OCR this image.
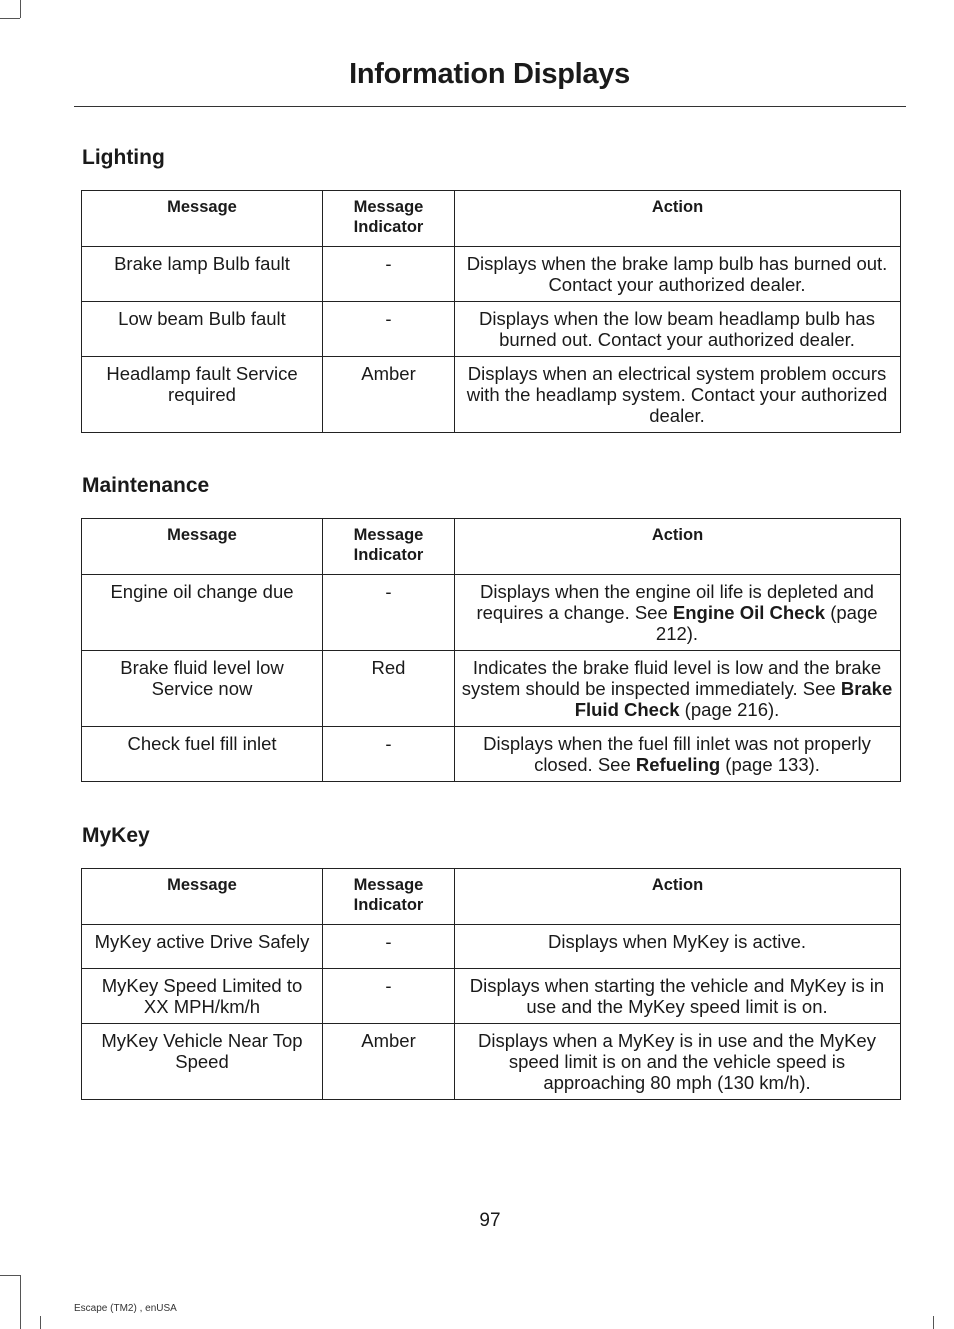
Information Displays
Lighting
Message	Message Indicator	Action
Brake lamp Bulb fault	-	Displays when the brake lamp bulb has burned out. Contact your authorized dealer.
Low beam Bulb fault	-	Displays when the low beam headlamp bulb has burned out. Contact your authorized dealer.
Headlamp fault Service required	Amber	Displays when an electrical system problem occurs with the headlamp system. Contact your authorized dealer.
Maintenance
Message	Message Indicator	Action
Engine oil change due	-	Displays when the engine oil life is depleted and requires a change. See Engine Oil Check (page 212).
Brake fluid level low Service now	Red	Indicates the brake fluid level is low and the brake system should be inspected immediately. See Brake Fluid Check (page 216).
Check fuel fill inlet	-	Displays when the fuel fill inlet was not properly closed. See Refueling (page 133).
MyKey
Message	Message Indicator	Action
MyKey active Drive Safely	-	Displays when MyKey is active.
MyKey Speed Limited to XX MPH/km/h	-	Displays when starting the vehicle and MyKey is in use and the MyKey speed limit is on.
MyKey Vehicle Near Top Speed	Amber	Displays when a MyKey is in use and the MyKey speed limit is on and the vehicle speed is approaching 80 mph (130 km/h).
97
Escape (TM2) , enUSA
